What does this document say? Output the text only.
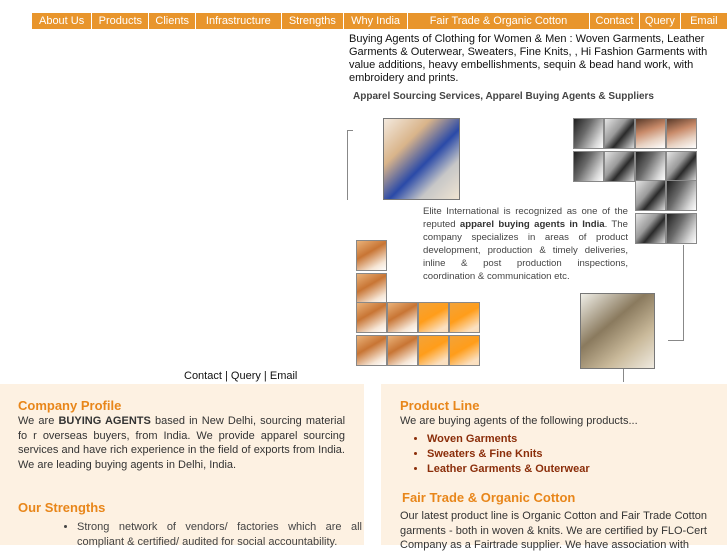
About Us	Products	Clients	Infrastructure	Strengths	Why India	Fair Trade & Organic Cotton	Contact	Query	Email
Buying Agents of Clothing for Women & Men : Woven Garments, Leather Garments & Outerwear, Sweaters, Fine Knits, , Hi Fashion Garments with value additions, heavy embellishments, sequin & bead hand work, with embroidery and prints.
Apparel Sourcing Services, Apparel Buying Agents & Suppliers
Elite International is recognized as one of the reputed apparel buying agents in India. The company specializes in areas of product development, production & timely deliveries, inline & post production inspections, coordination & communication etc.
Contact | Query | Email
Company Profile
We are BUYING AGENTS based in New Delhi, sourcing material fo r overseas buyers, from India. We provide apparel sourcing services and have rich experience in the field of exports from India. We are leading buying agents in Delhi, India.
Our Strengths
• Strong network of vendors/ factories which are all compliant & certified/ audited for social accountability.
Product Line
We are buying agents of the following products...
• Woven Garments
• Sweaters & Fine Knits
• Leather Garments & Outerwear
Fair Trade & Organic Cotton
Our latest product line is Organic Cotton and Fair Trade Cotton garments - both in woven & knits. We are certified by FLO-Cert Company as a Fairtrade supplier. We have association with
